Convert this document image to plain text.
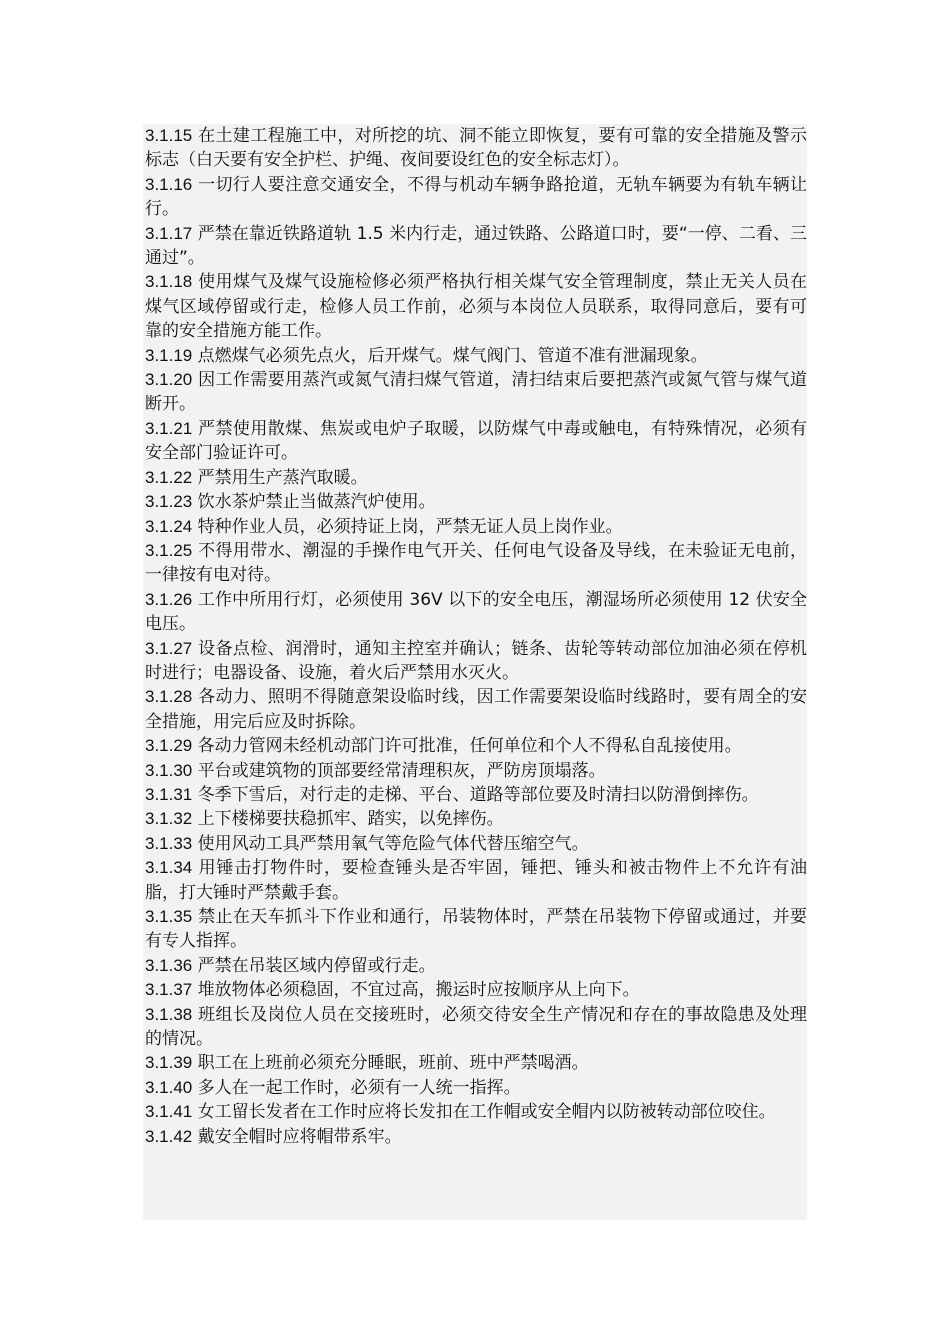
3.1.15 在土建工程施工中，对所挖的坑、洞不能立即恢复，要有可靠的安全措施及警示标志（白天要有安全护栏、护绳、夜间要设红色的安全标志灯）。

3.1.16 一切行人要注意交通安全，不得与机动车辆争路抢道，无轨车辆要为有轨车辆让行。

3.1.17 严禁在靠近铁路道轨 1.5 米内行走，通过铁路、公路道口时，要“一停、二看、三通过”。

3.1.18 使用煤气及煤气设施检修必须严格执行相关煤气安全管理制度，禁止无关人员在煤气区域停留或行走，检修人员工作前，必须与本岗位人员联系，取得同意后，要有可靠的安全措施方能工作。

3.1.19 点燃煤气必须先点火，后开煤气。煤气阀门、管道不准有泄漏现象。

3.1.20 因工作需要用蒸汽或氮气清扫煤气管道，清扫结束后要把蒸汽或氮气管与煤气道断开。

3.1.21 严禁使用散煤、焦炭或电炉子取暖，以防煤气中毒或触电，有特殊情况，必须有安全部门验证许可。

3.1.22 严禁用生产蒸汽取暖。

3.1.23 饮水茶炉禁止当做蒸汽炉使用。

3.1.24 特种作业人员，必须持证上岗，严禁无证人员上岗作业。

3.1.25 不得用带水、潮湿的手操作电气开关、任何电气设备及导线，在未验证无电前，一律按有电对待。

3.1.26 工作中所用行灯，必须使用 36V 以下的安全电压，潮湿场所必须使用 12 伏安全电压。

3.1.27 设备点检、润滑时，通知主控室并确认；链条、齿轮等转动部位加油必须在停机时进行；电器设备、设施，着火后严禁用水灭火。

3.1.28 各动力、照明不得随意架设临时线，因工作需要架设临时线路时，要有周全的安全措施，用完后应及时拆除。

3.1.29 各动力管网未经机动部门许可批准，任何单位和个人不得私自乱接使用。

3.1.30 平台或建筑物的顶部要经常清理积灰，严防房顶塌落。

3.1.31 冬季下雪后，对行走的走梯、平台、道路等部位要及时清扫以防滑倒摔伤。

3.1.32 上下楼梯要扶稳抓牢、踏实，以免摔伤。

3.1.33 使用风动工具严禁用氧气等危险气体代替压缩空气。

3.1.34 用锤击打物件时，要检查锤头是否牢固，锤把、锤头和被击物件上不允许有油脂，打大锤时严禁戴手套。

3.1.35 禁止在天车抓斗下作业和通行，吊装物体时，严禁在吊装物下停留或通过，并要有专人指挥。

3.1.36 严禁在吊装区域内停留或行走。

3.1.37 堆放物体必须稳固，不宜过高，搬运时应按顺序从上向下。

3.1.38 班组长及岗位人员在交接班时，必须交待安全生产情况和存在的事故隐患及处理的情况。

3.1.39 职工在上班前必须充分睡眠，班前、班中严禁喝酒。

3.1.40 多人在一起工作时，必须有一人统一指挥。

3.1.41 女工留长发者在工作时应将长发扣在工作帽或安全帽内以防被转动部位咬住。

3.1.42 戴安全帽时应将帽带系牢。
